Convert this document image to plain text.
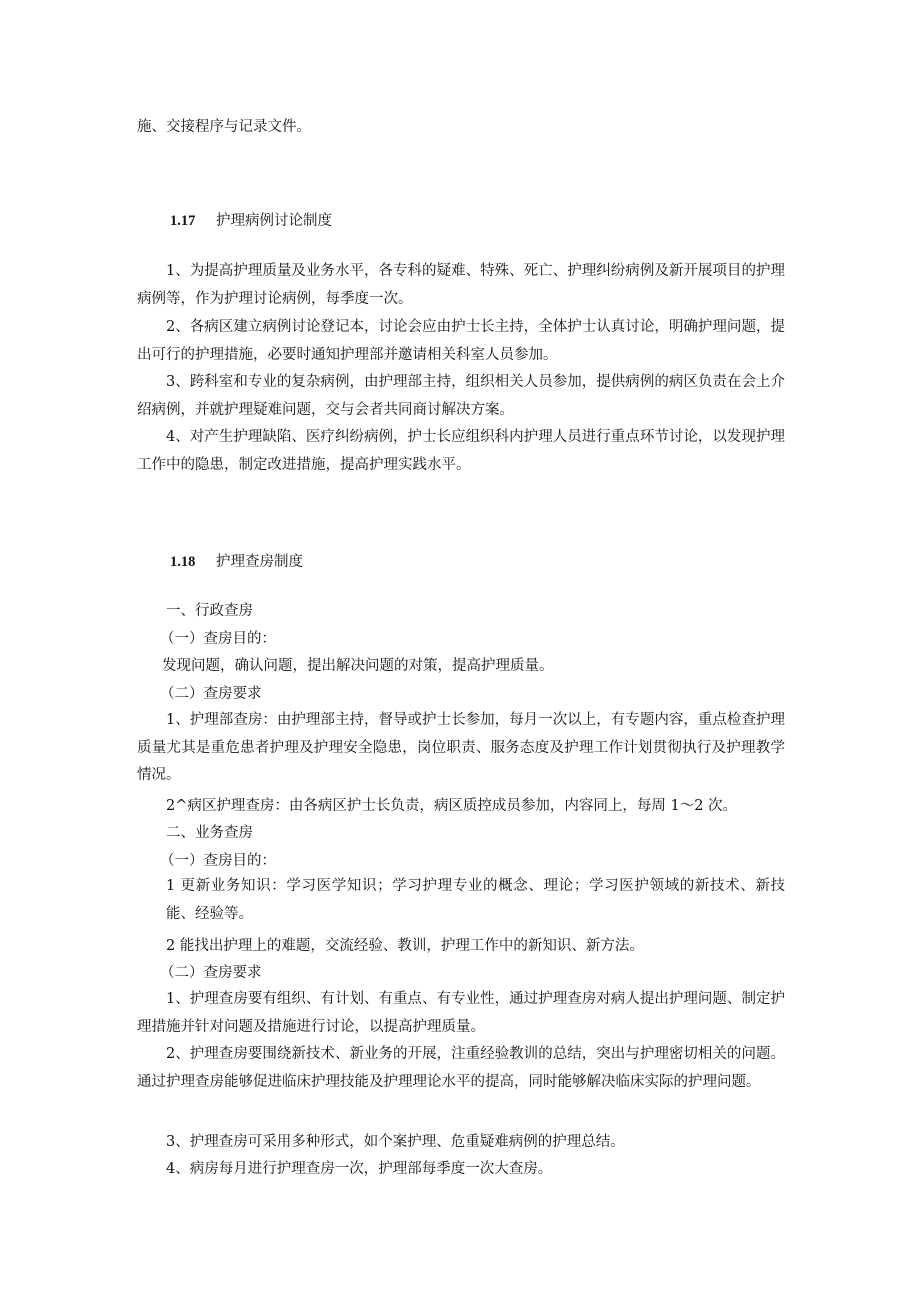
施、交接程序与记录文件。
1.17 护理病例讨论制度
1、为提高护理质量及业务水平，各专科的疑难、特殊、死亡、护理纠纷病例及新开展项目的护理病例等，作为护理讨论病例，每季度一次。
2、各病区建立病例讨论登记本，讨论会应由护士长主持，全体护士认真讨论，明确护理问题，提出可行的护理措施，必要时通知护理部并邀请相关科室人员参加。
3、跨科室和专业的复杂病例，由护理部主持，组织相关人员参加，提供病例的病区负责在会上介绍病例，并就护理疑难问题，交与会者共同商讨解决方案。
4、对产生护理缺陷、医疗纠纷病例，护士长应组织科内护理人员进行重点环节讨论，以发现护理工作中的隐患，制定改进措施，提高护理实践水平。
1.18 护理查房制度
一、行政查房
（一）查房目的：
发现问题，确认问题，提出解决问题的对策，提高护理质量。
（二）查房要求
1、护理部查房：由护理部主持，督导或护士长参加，每月一次以上，有专题内容，重点检查护理质量尤其是重危患者护理及护理安全隐患，岗位职责、服务态度及护理工作计划贯彻执行及护理教学情况。
2^病区护理查房：由各病区护士长负责，病区质控成员参加，内容同上，每周 1～2 次。
二、业务查房
（一）查房目的：
1 更新业务知识：学习医学知识；学习护理专业的概念、理论；学习医护领域的新技术、新技能、经验等。
2 能找出护理上的难题，交流经验、教训，护理工作中的新知识、新方法。
（二）查房要求
1、护理查房要有组织、有计划、有重点、有专业性，通过护理查房对病人提出护理问题、制定护理措施并针对问题及措施进行讨论，以提高护理质量。
2、护理查房要围绕新技术、新业务的开展，注重经验教训的总结，突出与护理密切相关的问题。通过护理查房能够促进临床护理技能及护理理论水平的提高，同时能够解决临床实际的护理问题。
3、护理查房可采用多种形式，如个案护理、危重疑难病例的护理总结。
4、病房每月进行护理查房一次，护理部每季度一次大查房。
